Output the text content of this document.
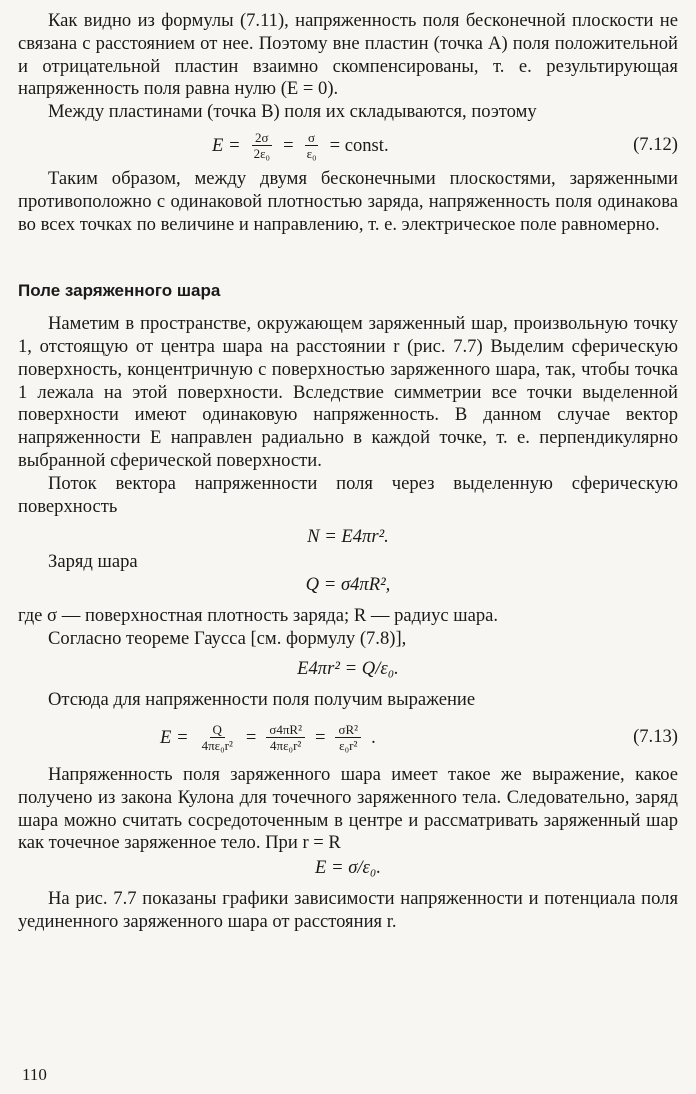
Как видно из формулы (7.11), напряженность поля бесконечной плоскости не связана с расстоянием от нее. Поэтому вне пластин (точка A) поля положительной и отрицательной пластин взаимно скомпенсированы, т. е. результирующая напряженность поля равна нулю (E = 0).

Между пластинами (точка B) поля их складываются, поэтому

$E = \frac{2\sigma}{\text{2ε₀}} = \frac{\sigma}{\text{ε₀}}$ = const.	(7.12)

Таким образом, между двумя бесконечными плоскостями, заряженными противоположно с одинаковой плотностью заряда, напряженность поля одинакова во всех точках по величине и направлению, т. е. электрическое поле равномерно.

Поле заряженного шара

Наметим в пространстве, окружающем заряженный шар, произвольную точку 1, отстоящую от центра шара на расстоянии r (рис. 7.7) Выделим сферическую поверхность, концентричную с поверхностью заряженного шара, так, чтобы точка 1 лежала на этой поверхности. Вследствие симметрии все точки выделенной поверхности имеют одинаковую напряженность. В данном случае вектор напряженности E направлен радиально в каждой точке, т. е. перпендикулярно выбранной сферической поверхности.

Поток вектора напряженности поля через выделенную сферическую поверхность

N = E4πr².

Заряд шара

Q = σ4πR²,

где σ — поверхностная плотность заряда; R — радиус шара.

Согласно теореме Гаусса [см. формулу (7.8)],

E4πr² = Q/ε₀.

Отсюда для напряженности поля получим выражение

$E = \frac{Q}{\text{4πε₀r²}} = \frac{\text{σ4πR²}}{\text{4πε₀r²}} = \frac{\text{σR²}}{\text{ε₀r²}}$ .	(7.13)

Напряженность поля заряженного шара имеет такое же выражение, какое получено из закона Кулона для точечного заряженного тела. Следовательно, заряд шара можно считать сосредоточенным в центре и рассматривать заряженный шар как точечное заряженное тело. При r = R

E = σ/ε₀.

На рис. 7.7 показаны графики зависимости напряженности и потенциала поля уединенного заряженного шара от расстояния r.

110
